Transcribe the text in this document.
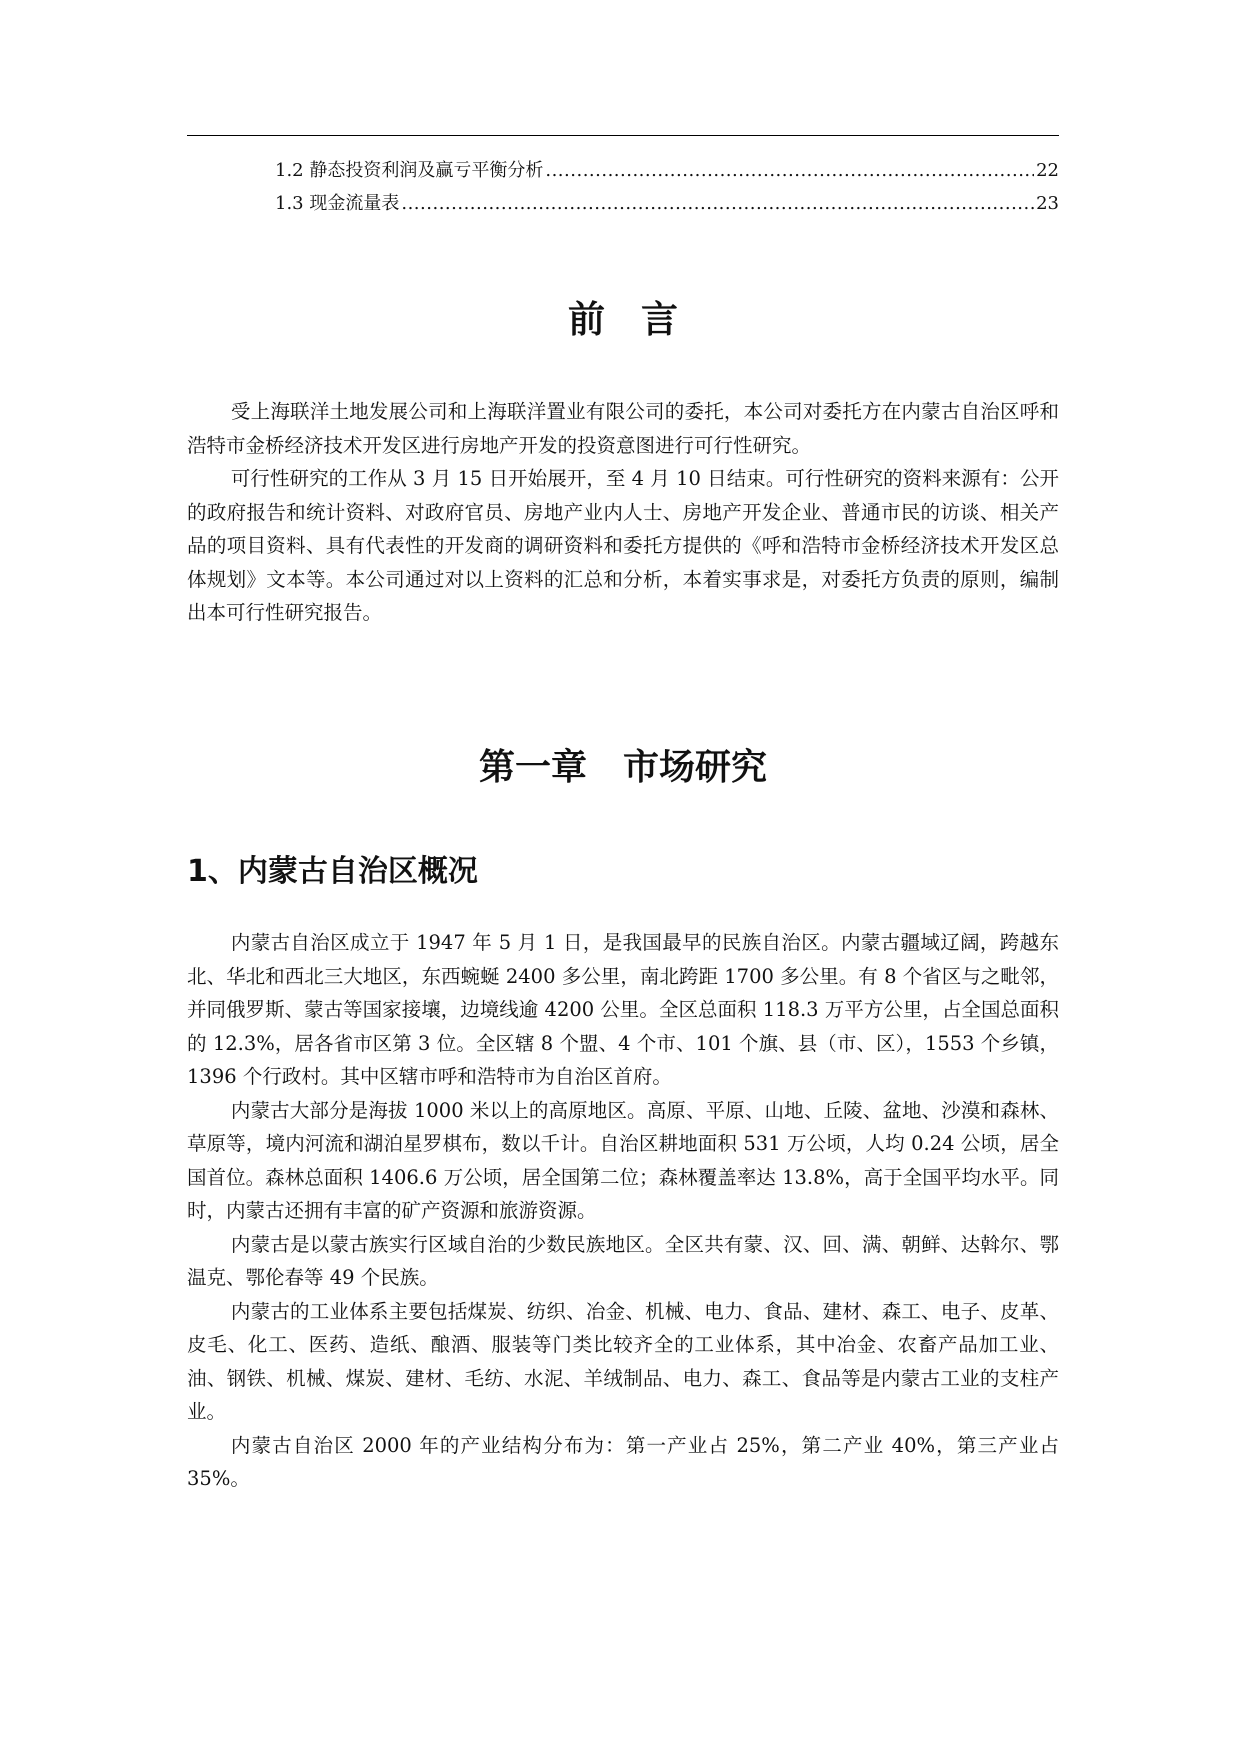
1.2 静态投资利润及赢亏平衡分析 .....	22
1.3 现金流量表 .....	23
前言

受上海联洋土地发展公司和上海联洋置业有限公司的委托，本公司对委托方在内蒙古自治区呼和浩特市金桥经济技术开发区进行房地产开发的投资意图进行可行性研究。

可行性研究的工作从 3 月 15 日开始展开，至 4 月 10 日结束。可行性研究的资料来源有：公开的政府报告和统计资料、对政府官员、房地产业内人士、房地产开发企业、普通市民的访谈、相关产品的项目资料、具有代表性的开发商的调研资料和委托方提供的《呼和浩特市金桥经济技术开发区总体规划》文本等。本公司通过对以上资料的汇总和分析，本着实事求是，对委托方负责的原则，编制出本可行性研究报告。

第一章　市场研究
1、内蒙古自治区概况

内蒙古自治区成立于 1947 年 5 月 1 日，是我国最早的民族自治区。内蒙古疆域辽阔，跨越东北、华北和西北三大地区，东西蜿蜒 2400 多公里，南北跨距 1700 多公里。有 8 个省区与之毗邻，并同俄罗斯、蒙古等国家接壤，边境线逾 4200 公里。全区总面积 118.3 万平方公里，占全国总面积的 12.3%，居各省市区第 3 位。全区辖 8 个盟、4 个市、101 个旗、县（市、区），1553 个乡镇，1396 个行政村。其中区辖市呼和浩特市为自治区首府。

内蒙古大部分是海拔 1000 米以上的高原地区。高原、平原、山地、丘陵、盆地、沙漠和森林、草原等，境内河流和湖泊星罗棋布，数以千计。自治区耕地面积 531 万公顷，人均 0.24 公顷，居全国首位。森林总面积 1406.6 万公顷，居全国第二位；森林覆盖率达 13.8%，高于全国平均水平。同时，内蒙古还拥有丰富的矿产资源和旅游资源。

内蒙古是以蒙古族实行区域自治的少数民族地区。全区共有蒙、汉、回、满、朝鲜、达斡尔、鄂温克、鄂伦春等 49 个民族。

内蒙古的工业体系主要包括煤炭、纺织、冶金、机械、电力、食品、建材、森工、电子、皮革、皮毛、化工、医药、造纸、酿酒、服装等门类比较齐全的工业体系，其中冶金、农畜产品加工业、油、钢铁、机械、煤炭、建材、毛纺、水泥、羊绒制品、电力、森工、食品等是内蒙古工业的支柱产业。

内蒙古自治区 2000 年的产业结构分布为：第一产业占 25%，第二产业 40%，第三产业占 35%。
